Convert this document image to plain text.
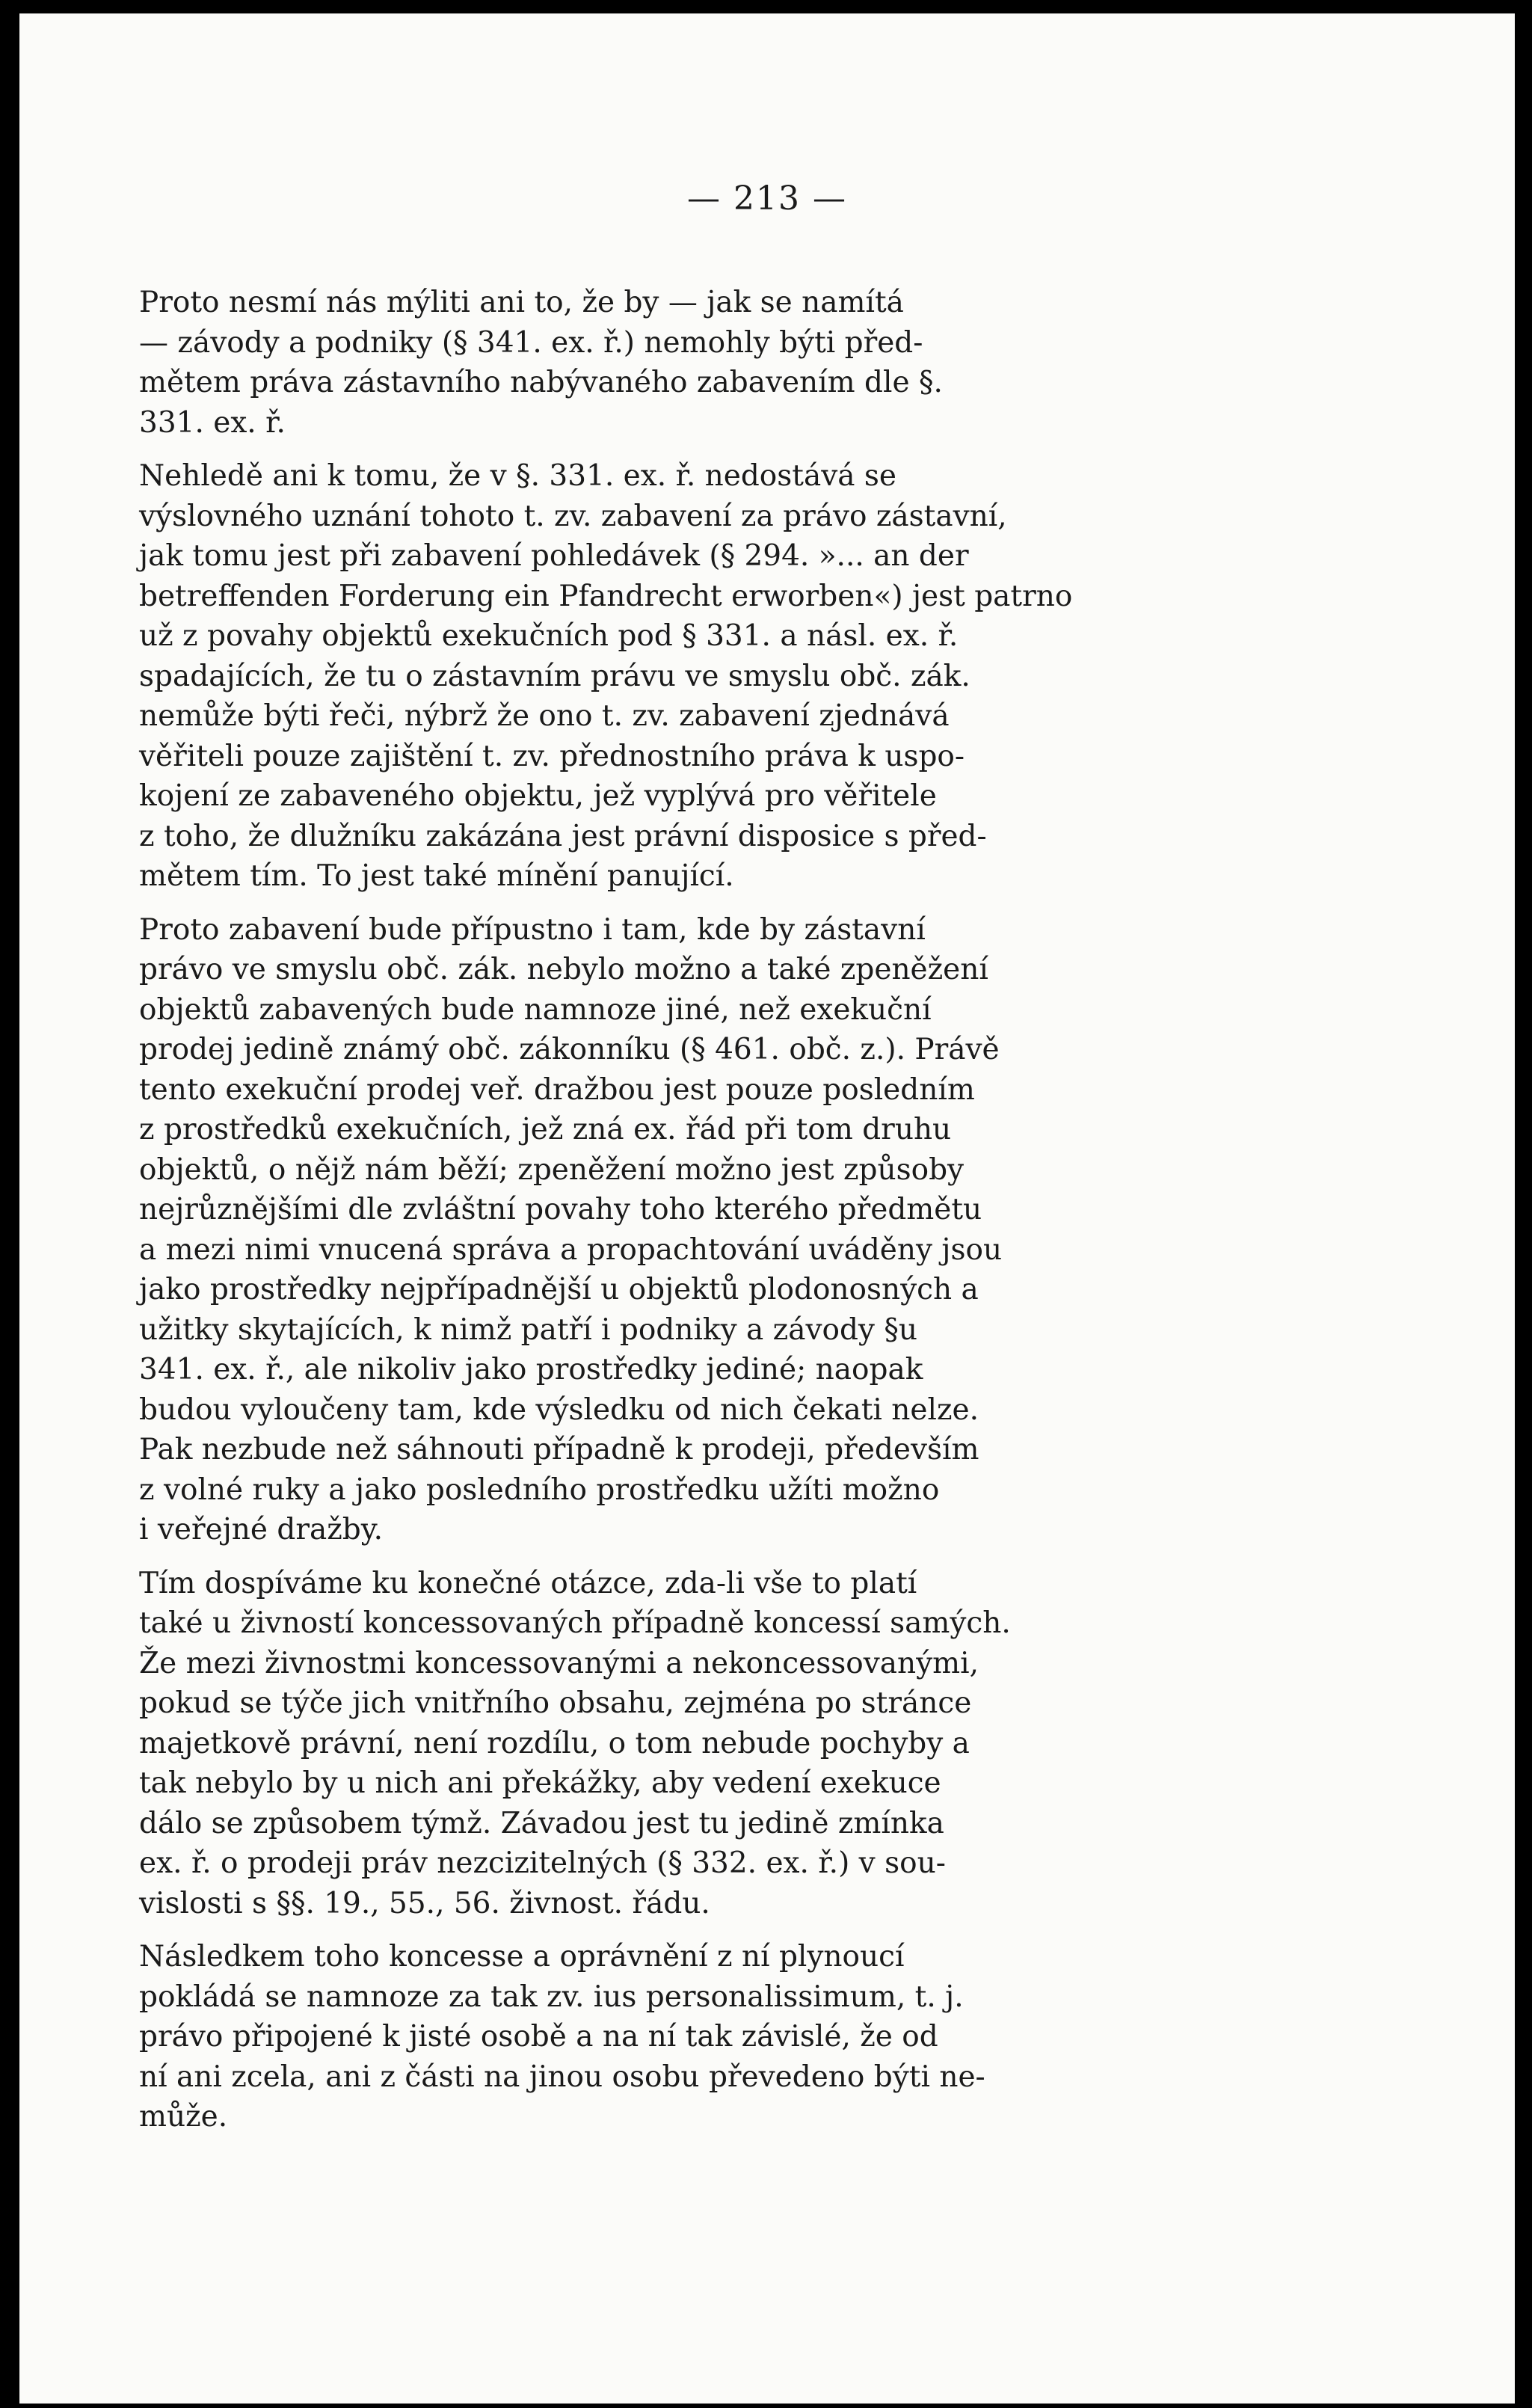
— 213 —

Proto nesmí nás mýliti ani to, že by — jak se namítá
— závody a podniky (§ 341. ex. ř.) nemohly býti před-
mětem práva zástavního nabývaného zabavením dle §.
331. ex. ř.

Nehledě ani k tomu, že v §. 331. ex. ř. nedostává se
výslovného uznání tohoto t. zv. zabavení za právo zástavní,
jak tomu jest při zabavení pohledávek (§ 294. »... an der
betreffenden Forderung ein Pfandrecht erworben«) jest patrno
už z povahy objektů exekučních pod § 331. a násl. ex. ř.
spadajících, že tu o zástavním právu ve smyslu obč. zák.
nemůže býti řeči, nýbrž že ono t. zv. zabavení zjednává
věřiteli pouze zajištění t. zv. přednostního práva k uspo-
kojení ze zabaveného objektu, jež vyplývá pro věřitele
z toho, že dlužníku zakázána jest právní disposice s před-
mětem tím. To jest také mínění panující.

Proto zabavení bude přípustno i tam, kde by zástavní
právo ve smyslu obč. zák. nebylo možno a také zpeněžení
objektů zabavených bude namnoze jiné, než exekuční
prodej jedině známý obč. zákonníku (§ 461. obč. z.). Právě
tento exekuční prodej veř. dražbou jest pouze posledním
z prostředků exekučních, jež zná ex. řád při tom druhu
objektů, o nějž nám běží; zpeněžení možno jest způsoby
nejrůznějšími dle zvláštní povahy toho kterého předmětu
a mezi nimi vnucená správa a propachtování uváděny jsou
jako prostředky nejpřípadnější u objektů plodonosných a
užitky skytajících, k nimž patří i podniky a závody §u
341. ex. ř., ale nikoliv jako prostředky jediné; naopak
budou vyloučeny tam, kde výsledku od nich čekati nelze.
Pak nezbude než sáhnouti případně k prodeji, především
z volné ruky a jako posledního prostředku užíti možno
i veřejné dražby.

Tím dospíváme ku konečné otázce, zda-li vše to platí
také u živností koncessovaných případně koncessí samých.
Že mezi živnostmi koncessovanými a nekoncessovanými,
pokud se týče jich vnitřního obsahu, zejména po stránce
majetkově právní, není rozdílu, o tom nebude pochyby a
tak nebylo by u nich ani překážky, aby vedení exekuce
dálo se způsobem týmž. Závadou jest tu jedině zmínka
ex. ř. o prodeji práv nezcizitelných (§ 332. ex. ř.) v sou-
vislosti s §§. 19., 55., 56. živnost. řádu.

Následkem toho koncesse a oprávnění z ní plynoucí
pokládá se namnoze za tak zv. ius personalissimum, t. j.
právo připojené k jisté osobě a na ní tak závislé, že od
ní ani zcela, ani z části na jinou osobu převedeno býti ne-
může.
